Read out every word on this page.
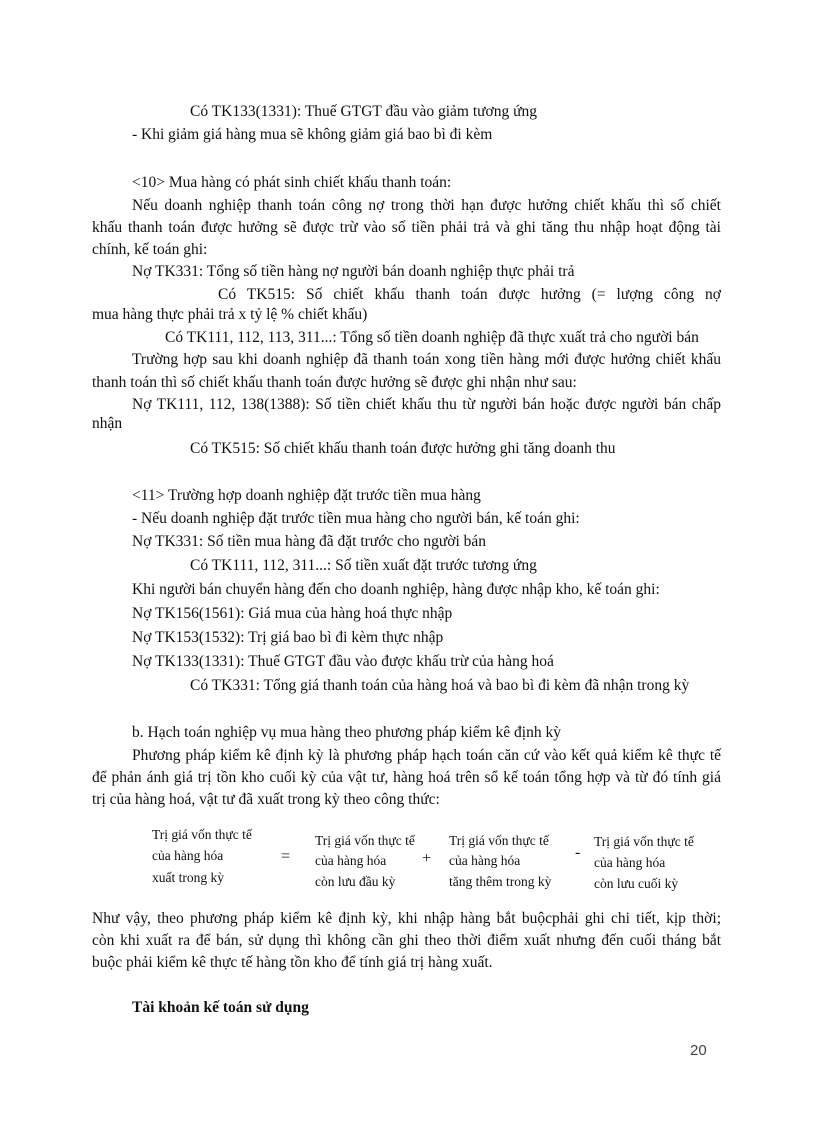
Có TK133(1331): Thuế GTGT đầu vào giảm tương ứng
- Khi giảm giá hàng mua sẽ không giảm giá bao bì đi kèm
<10> Mua hàng có phát sinh chiết khấu thanh toán:
Nếu doanh nghiệp thanh toán công nợ trong thời hạn được hưởng chiết khấu thì số chiết
khấu thanh toán được hưởng sẽ được trừ vào số tiền phải trả và ghi tăng thu nhập hoạt động tài
chính, kế toán ghi:
Nợ TK331: Tổng số tiền hàng nợ người bán doanh nghiệp thực phải trả
Có TK515: Số chiết khấu thanh toán được hưởng (= lượng công nợ
mua hàng thực phải trả x tỷ lệ % chiết khấu)
Có TK111, 112, 113, 311...: Tổng số tiền doanh nghiệp đã thực xuất trả cho người bán
Trường hợp sau khi doanh nghiệp đã thanh toán xong tiền hàng mới được hưởng chiết khấu
thanh toán thì số chiết khấu thanh toán được hưởng sẽ được ghi nhận như sau:
Nợ TK111, 112, 138(1388): Số tiền chiết khấu thu từ người bán hoặc được người bán chấp
nhận
Có TK515: Số chiết khấu thanh toán được hưởng ghi tăng doanh thu
<11> Trường hợp doanh nghiệp đặt trước tiền mua hàng
- Nếu doanh nghiệp đặt trước tiền mua hàng cho người bán, kế toán ghi:
Nợ TK331: Số tiền mua hàng đã đặt trước cho người bán
Có TK111, 112, 311...: Số tiền xuất đặt trước tương ứng
Khi người bán chuyển hàng đến cho doanh nghiệp, hàng được nhập kho, kế toán ghi:
Nợ TK156(1561): Giá mua của hàng hoá thực nhập
Nợ TK153(1532): Trị giá bao bì đi kèm thực nhập
Nợ TK133(1331): Thuế GTGT đầu vào được khấu trừ của hàng hoá
Có TK331: Tổng giá thanh toán của hàng hoá và bao bì đi kèm đã nhận trong kỳ
b. Hạch toán nghiệp vụ mua hàng theo phương pháp kiểm kê định kỳ
Phương pháp kiểm kê định kỳ là phương pháp hạch toán căn cứ vào kết quả kiểm kê thực tế
để phản ánh giá trị tồn kho cuối kỳ của vật tư, hàng hoá trên sổ kế toán tổng hợp và từ đó tính giá
trị của hàng hoá, vật tư đã xuất trong kỳ theo công thức:
Trị giá vốn thực tế
của hàng hóa
xuất trong kỳ
=
Trị giá vốn thực tế
của hàng hóa
còn lưu đầu kỳ
+
Trị giá vốn thực tế
của hàng hóa
tăng thêm trong kỳ
-
Trị giá vốn thực tế
của hàng hóa
còn lưu cuối kỳ
Như vậy, theo phương pháp kiểm kê định kỳ, khi nhập hàng bắt buộcphải ghi chi tiết, kịp thời;
còn khi xuất ra để bán, sử dụng thì không cần ghi theo thời điểm xuất nhưng đến cuối tháng bắt
buộc phải kiểm kê thực tế hàng tồn kho để tính giá trị hàng xuất.
Tài khoản kế toán sử dụng
20
